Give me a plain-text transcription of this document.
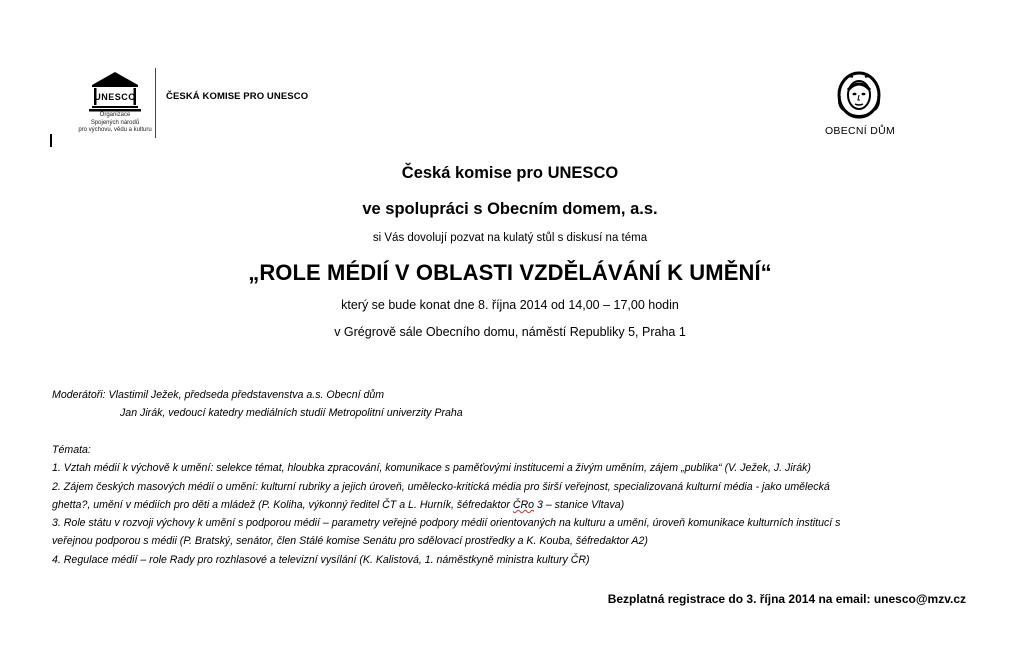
UNESCO
Organizace
Spojených národů
pro výchovu, vědu a kulturu
ČESKÁ KOMISE PRO UNESCO
OBECNÍ DŮM
Česká komise pro UNESCO
ve spolupráci s Obecním domem, a.s.
si Vás dovolují pozvat na kulatý stůl s diskusí na téma
„ROLE MÉDIÍ V OBLASTI VZDĚLÁVÁNÍ K UMĚNÍ“
který se bude konat dne 8. října 2014 od 14,00 – 17,00 hodin
v Grégrově sále Obecního domu, náměstí Republiky 5, Praha 1
Moderátoři: Vlastimil Ježek, předseda představenstva a.s. Obecní dům
Jan Jirák, vedoucí katedry mediálních studií Metropolitní univerzity Praha
Témata:
1. Vztah médií k výchově k umění: selekce témat, hloubka zpracování, komunikace s paměťovými institucemi a živým uměním, zájem „publika“ (V. Ježek, J. Jirák)
2. Zájem českých masových médií o umění: kulturní rubriky a jejich úroveň, umělecko-kritická média pro širší veřejnost, specializovaná kulturní média - jako umělecká
ghetta?, umění v médiích pro děti a mládež (P. Koliha, výkonný ředitel ČT a L. Hurník, šéfredaktor ČRo 3 – stanice Vltava)
3. Role státu v rozvoji výchovy k umění s podporou médií – parametry veřejné podpory médií orientovaných na kulturu a umění, úroveň komunikace kulturních institucí s
veřejnou podporou s médii (P. Bratský, senátor, člen Stálé komise Senátu pro sdělovací prostředky a K. Kouba, šéfredaktor A2)
4. Regulace médií – role Rady pro rozhlasové a televizní vysílání (K. Kalistová, 1. náměstkyně ministra kultury ČR)
Bezplatná registrace do 3. října 2014 na email: unesco@mzv.cz
